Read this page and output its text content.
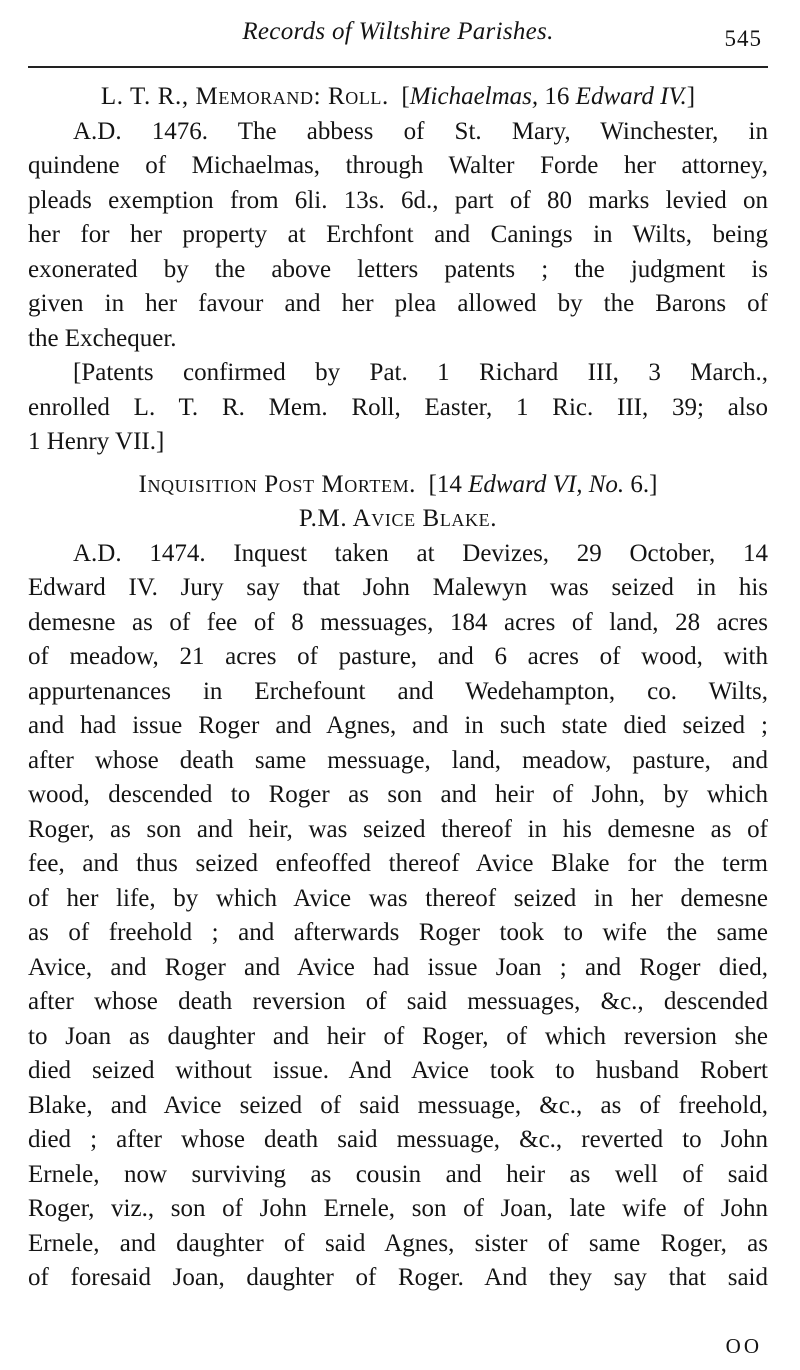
Records of Wiltshire Parishes.	545
L. T. R., Memorand: Roll. [Michaelmas, 16 Edward IV.]
A.D. 1476. The abbess of St. Mary, Winchester, in
quindene of Michaelmas, through Walter Forde her attorney,
pleads exemption from 6li. 13s. 6d., part of 80 marks levied on
her for her property at Erchfont and Canings in Wilts, being
exonerated by the above letters patents ; the judgment is
given in her favour and her plea allowed by the Barons of
the Exchequer.
[Patents confirmed by Pat. 1 Richard III, 3 March.,
enrolled L. T. R. Mem. Roll, Easter, 1 Ric. III, 39; also
1 Henry VII.]
Inquisition Post Mortem. [14 Edward VI, No. 6.]
P.M. Avice Blake.
A.D. 1474. Inquest taken at Devizes, 29 October, 14
Edward IV. Jury say that John Malewyn was seized in his
demesne as of fee of 8 messuages, 184 acres of land, 28 acres
of meadow, 21 acres of pasture, and 6 acres of wood, with
appurtenances in Erchefount and Wedehampton, co. Wilts,
and had issue Roger and Agnes, and in such state died seized ;
after whose death same messuage, land, meadow, pasture, and
wood, descended to Roger as son and heir of John, by which
Roger, as son and heir, was seized thereof in his demesne as of
fee, and thus seized enfeoffed thereof Avice Blake for the term
of her life, by which Avice was thereof seized in her demesne
as of freehold ; and afterwards Roger took to wife the same
Avice, and Roger and Avice had issue Joan ; and Roger died,
after whose death reversion of said messuages, &c., descended
to Joan as daughter and heir of Roger, of which reversion she
died seized without issue. And Avice took to husband Robert
Blake, and Avice seized of said messuage, &c., as of freehold,
died ; after whose death said messuage, &c., reverted to John
Ernele, now surviving as cousin and heir as well of said
Roger, viz., son of John Ernele, son of Joan, late wife of John
Ernele, and daughter of said Agnes, sister of same Roger, as
of foresaid Joan, daughter of Roger. And they say that said
OO
